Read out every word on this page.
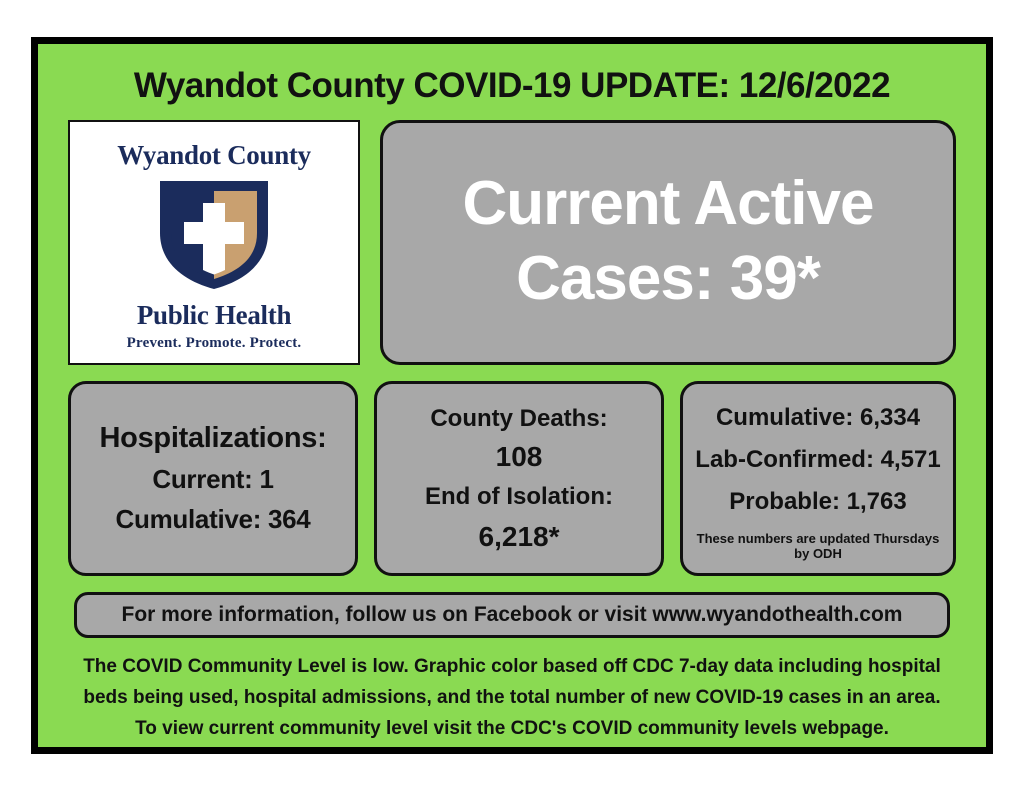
Wyandot County COVID-19 UPDATE: 12/6/2022
Wyandot County
Public Health
Prevent. Promote. Protect.
Current Active
Cases: 39*
Hospitalizations:
Current: 1
Cumulative: 364
County Deaths:
108
End of Isolation:
6,218*
Cumulative: 6,334
Lab-Confirmed: 4,571
Probable: 1,763
These numbers are updated Thursdays by ODH
For more information, follow us on Facebook or visit www.wyandothealth.com
The COVID Community Level is low. Graphic color based off CDC 7-day data including hospital
beds being used, hospital admissions, and the total number of new COVID-19 cases in an area.
To view current community level visit the CDC's COVID community levels webpage.
